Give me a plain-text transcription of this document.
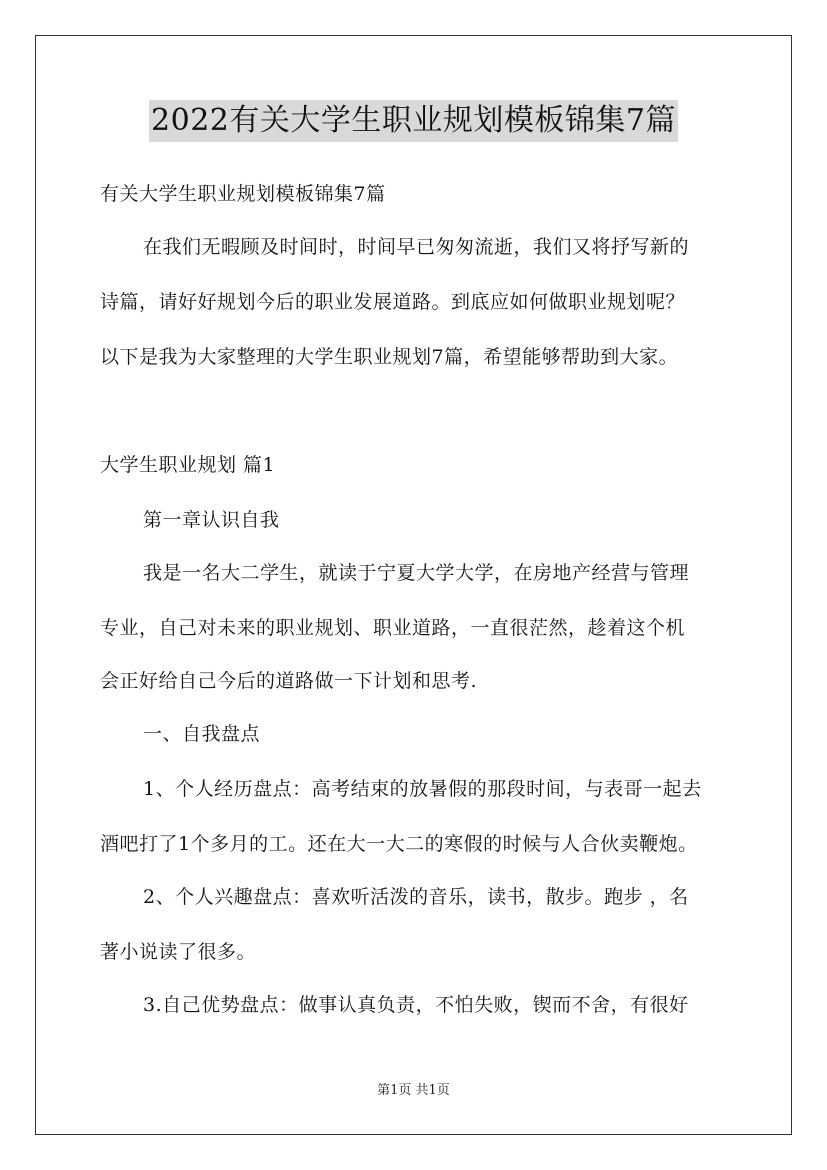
2022有关大学生职业规划模板锦集7篇
有关大学生职业规划模板锦集7篇
在我们无暇顾及时间时，时间早已匆匆流逝，我们又将抒写新的
诗篇，请好好规划今后的职业发展道路。到底应如何做职业规划呢？
以下是我为大家整理的大学生职业规划7篇，希望能够帮助到大家。
大学生职业规划 篇1
第一章认识自我
我是一名大二学生，就读于宁夏大学大学，在房地产经营与管理
专业，自己对未来的职业规划、职业道路，一直很茫然，趁着这个机
会正好给自己今后的道路做一下计划和思考.
一、自我盘点
1、个人经历盘点：高考结束的放暑假的那段时间，与表哥一起去
酒吧打了1个多月的工。还在大一大二的寒假的时候与人合伙卖鞭炮。
2、个人兴趣盘点：喜欢听活泼的音乐，读书，散步。跑步 ，名
著小说读了很多。
3.自己优势盘点：做事认真负责，不怕失败，锲而不舍，有很好
第1页 共1页
